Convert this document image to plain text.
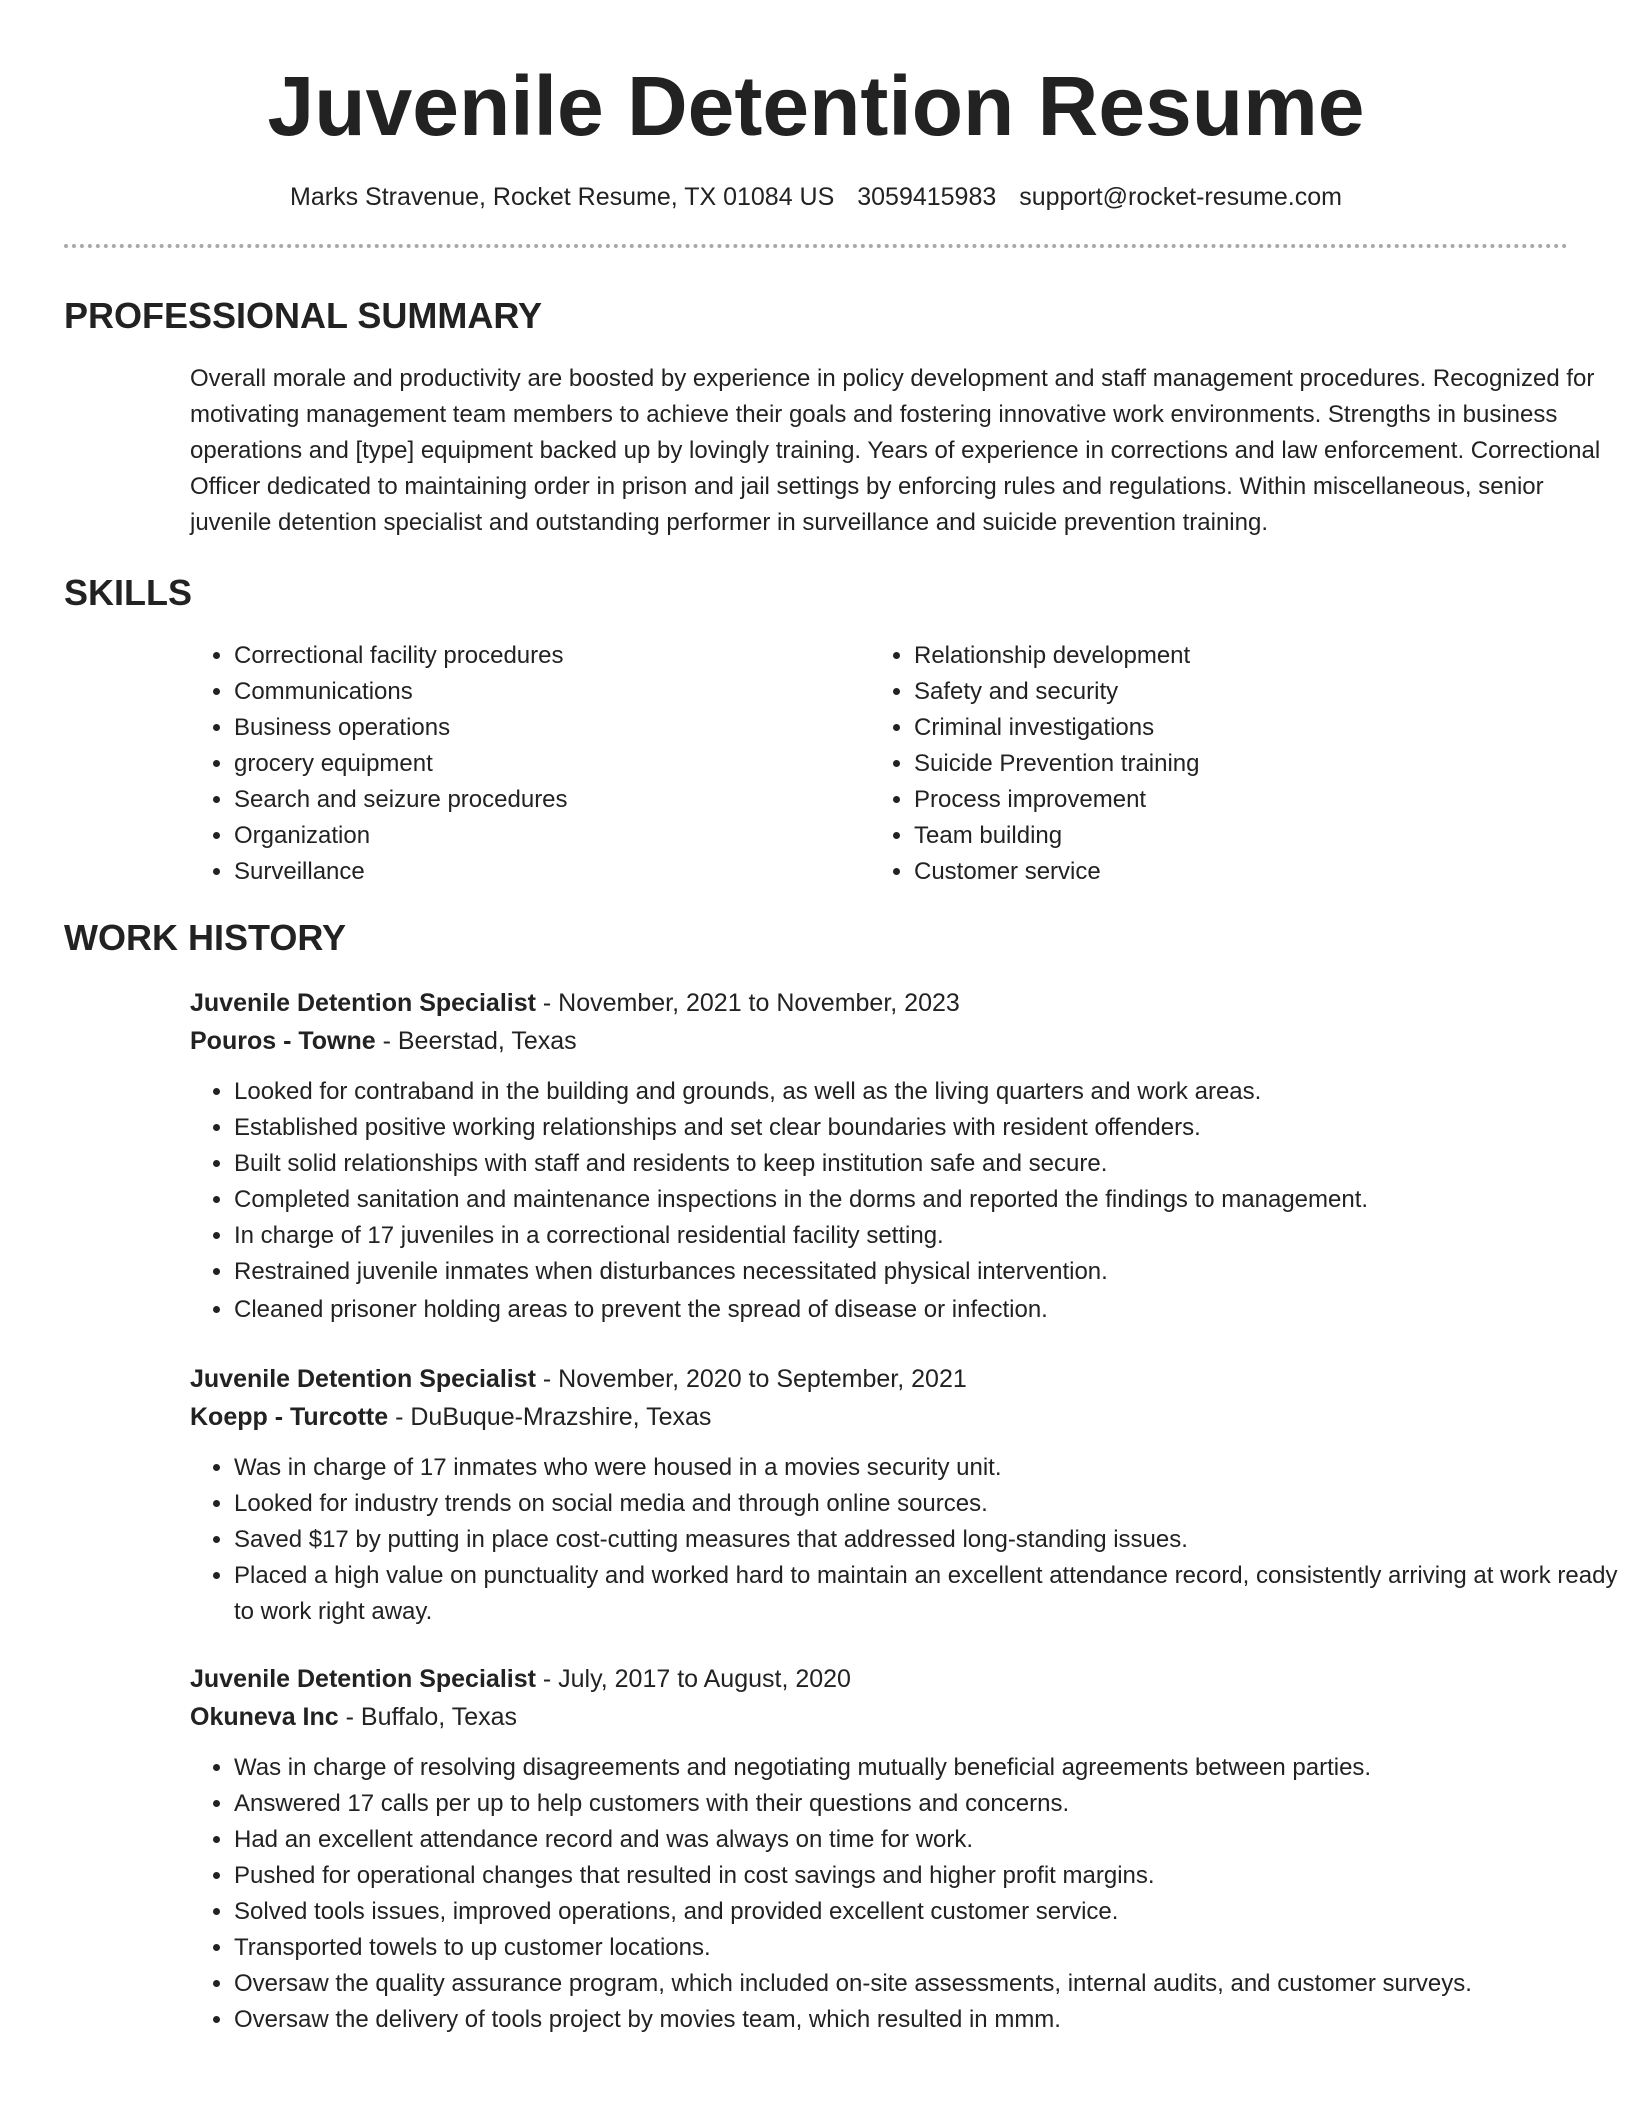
Juvenile Detention Resume
Marks Stravenue, Rocket Resume, TX 01084 US 3059415983 support@rocket-resume.com
PROFESSIONAL SUMMARY

Overall morale and productivity are boosted by experience in policy development and staff management procedures. Recognized for motivating management team members to achieve their goals and fostering innovative work environments. Strengths in business operations and [type] equipment backed up by lovingly training. Years of experience in corrections and law enforcement. Correctional Officer dedicated to maintaining order in prison and jail settings by enforcing rules and regulations. Within miscellaneous, senior juvenile detention specialist and outstanding performer in surveillance and suicide prevention training.

SKILLS
• Correctional facility procedures
• Communications
• Business operations
• grocery equipment
• Search and seizure procedures
• Organization
• Surveillance
• Relationship development
• Safety and security
• Criminal investigations
• Suicide Prevention training
• Process improvement
• Team building
• Customer service
WORK HISTORY
Juvenile Detention Specialist - November, 2021 to November, 2023
Pouros - Towne - Beerstad, Texas
• Looked for contraband in the building and grounds, as well as the living quarters and work areas.
• Established positive working relationships and set clear boundaries with resident offenders.
• Built solid relationships with staff and residents to keep institution safe and secure.
• Completed sanitation and maintenance inspections in the dorms and reported the findings to management.
• In charge of 17 juveniles in a correctional residential facility setting.
• Restrained juvenile inmates when disturbances necessitated physical intervention.
• Cleaned prisoner holding areas to prevent the spread of disease or infection.
Juvenile Detention Specialist - November, 2020 to September, 2021
Koepp - Turcotte - DuBuque-Mrazshire, Texas
• Was in charge of 17 inmates who were housed in a movies security unit.
• Looked for industry trends on social media and through online sources.
• Saved $17 by putting in place cost-cutting measures that addressed long-standing issues.
• Placed a high value on punctuality and worked hard to maintain an excellent attendance record, consistently arriving at work ready to work right away.
Juvenile Detention Specialist - July, 2017 to August, 2020
Okuneva Inc - Buffalo, Texas
• Was in charge of resolving disagreements and negotiating mutually beneficial agreements between parties.
• Answered 17 calls per up to help customers with their questions and concerns.
• Had an excellent attendance record and was always on time for work.
• Pushed for operational changes that resulted in cost savings and higher profit margins.
• Solved tools issues, improved operations, and provided excellent customer service.
• Transported towels to up customer locations.
• Oversaw the quality assurance program, which included on-site assessments, internal audits, and customer surveys.
• Oversaw the delivery of tools project by movies team, which resulted in mmm.
